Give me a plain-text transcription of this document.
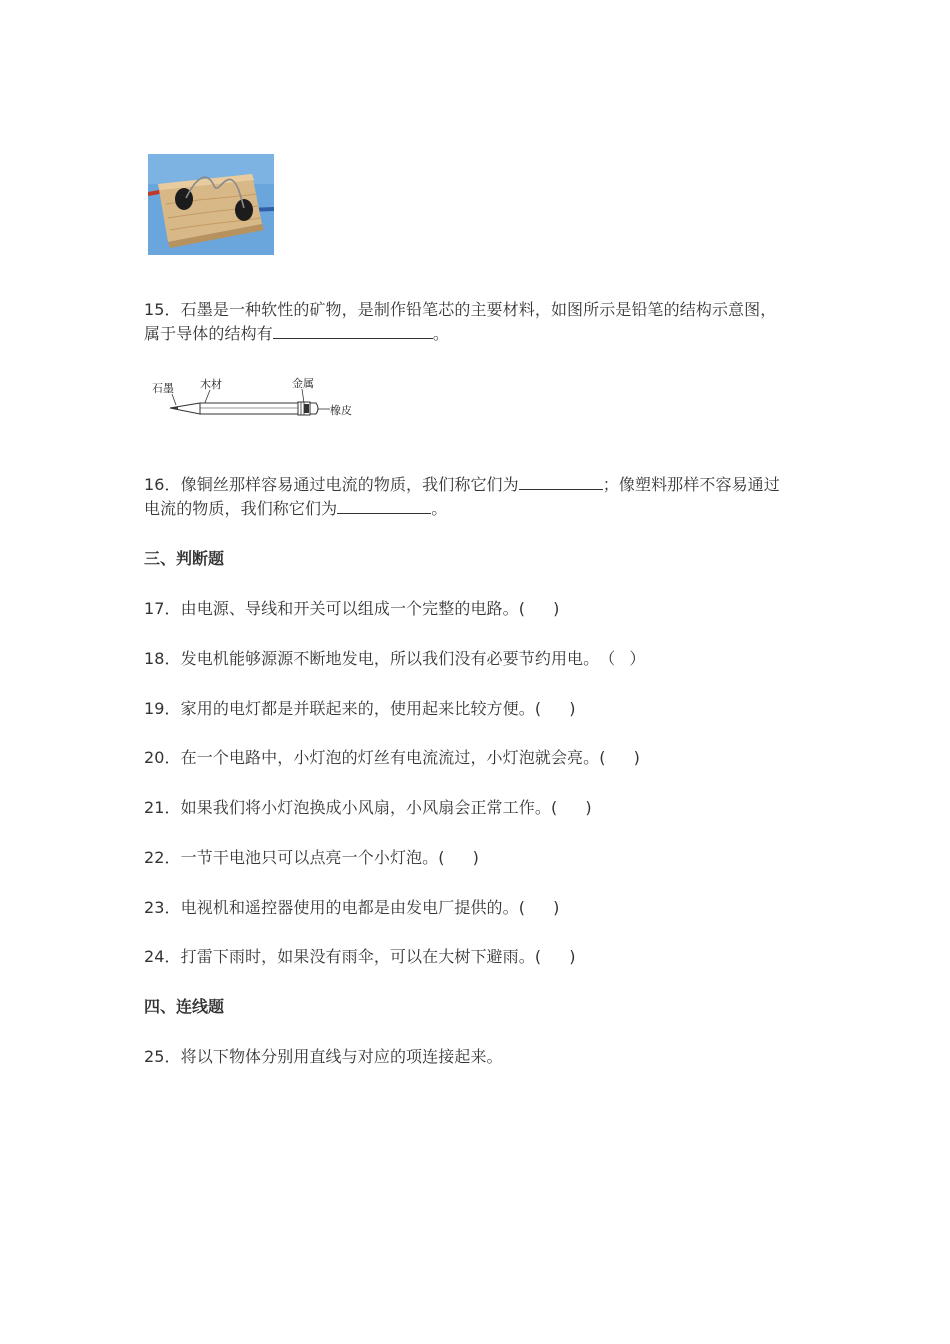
15．石墨是一种软性的矿物，是制作铅笔芯的主要材料，如图所示是铅笔的结构示意图，
属于导体的结构有	。

石墨 木材	金属
橡皮

16．像铜丝那样容易通过电流的物质，我们称它们为	；像塑料那样不容易通过
电流的物质，我们称它们为	。

三、判断题

17．由电源、导线和开关可以组成一个完整的电路。( )

18．发电机能够源源不断地发电，所以我们没有必要节约用电。（ ）

19．家用的电灯都是并联起来的，使用起来比较方便。( )

20．在一个电路中，小灯泡的灯丝有电流流过，小灯泡就会亮。( )

21．如果我们将小灯泡换成小风扇，小风扇会正常工作。( )

22．一节干电池只可以点亮一个小灯泡。( )

23．电视机和遥控器使用的电都是由发电厂提供的。( )

24．打雷下雨时，如果没有雨伞，可以在大树下避雨。( )

四、连线题

25．将以下物体分别用直线与对应的项连接起来。
